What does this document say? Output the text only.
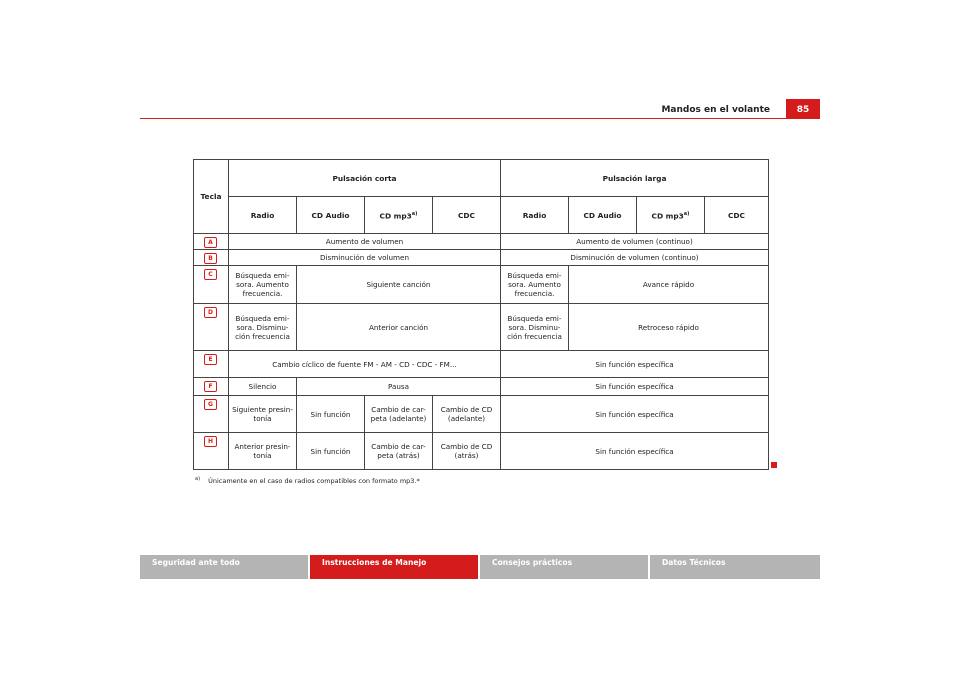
Mandos en el volante	85
Tecla	Pulsación corta				Pulsación larga			
	Radio	CD Audio	CD mp3$^{a)}$	CDC	Radio	CD Audio	CD mp3$^{a)}$	CDC
A	Aumento de volumen				Aumento de volumen (continuo)			
B	Disminución de volumen				Disminución de volumen (continuo)			
C	Búsqueda emi-sora. Aumento frecuencia.	Siguiente canción			Búsqueda emi-sora. Aumento frecuencia.	Avance rápido		
D	Búsqueda emi-sora. Disminu-ción frecuencia	Anterior canción			Búsqueda emi-sora. Disminu-ción frecuencia	Retroceso rápido		
E	Cambio cíclico de fuente FM - AM - CD - CDC - FM...				Sin función específica			
F	Silencio	Pausa			Sin función específica			
G	Siguiente presin-tonía	Sin función	Cambio de car-peta (adelante)	Cambio de CD (adelante)	Sin función específica			
H	Anterior presin-tonía	Sin función	Cambio de car-peta (atrás)	Cambio de CD (atrás)	Sin función específica			
$^{a)}$ Únicamente en el caso de radios compatibles con formato mp3.*
Seguridad ante todo	Instrucciones de Manejo	Consejos prácticos	Datos Técnicos
